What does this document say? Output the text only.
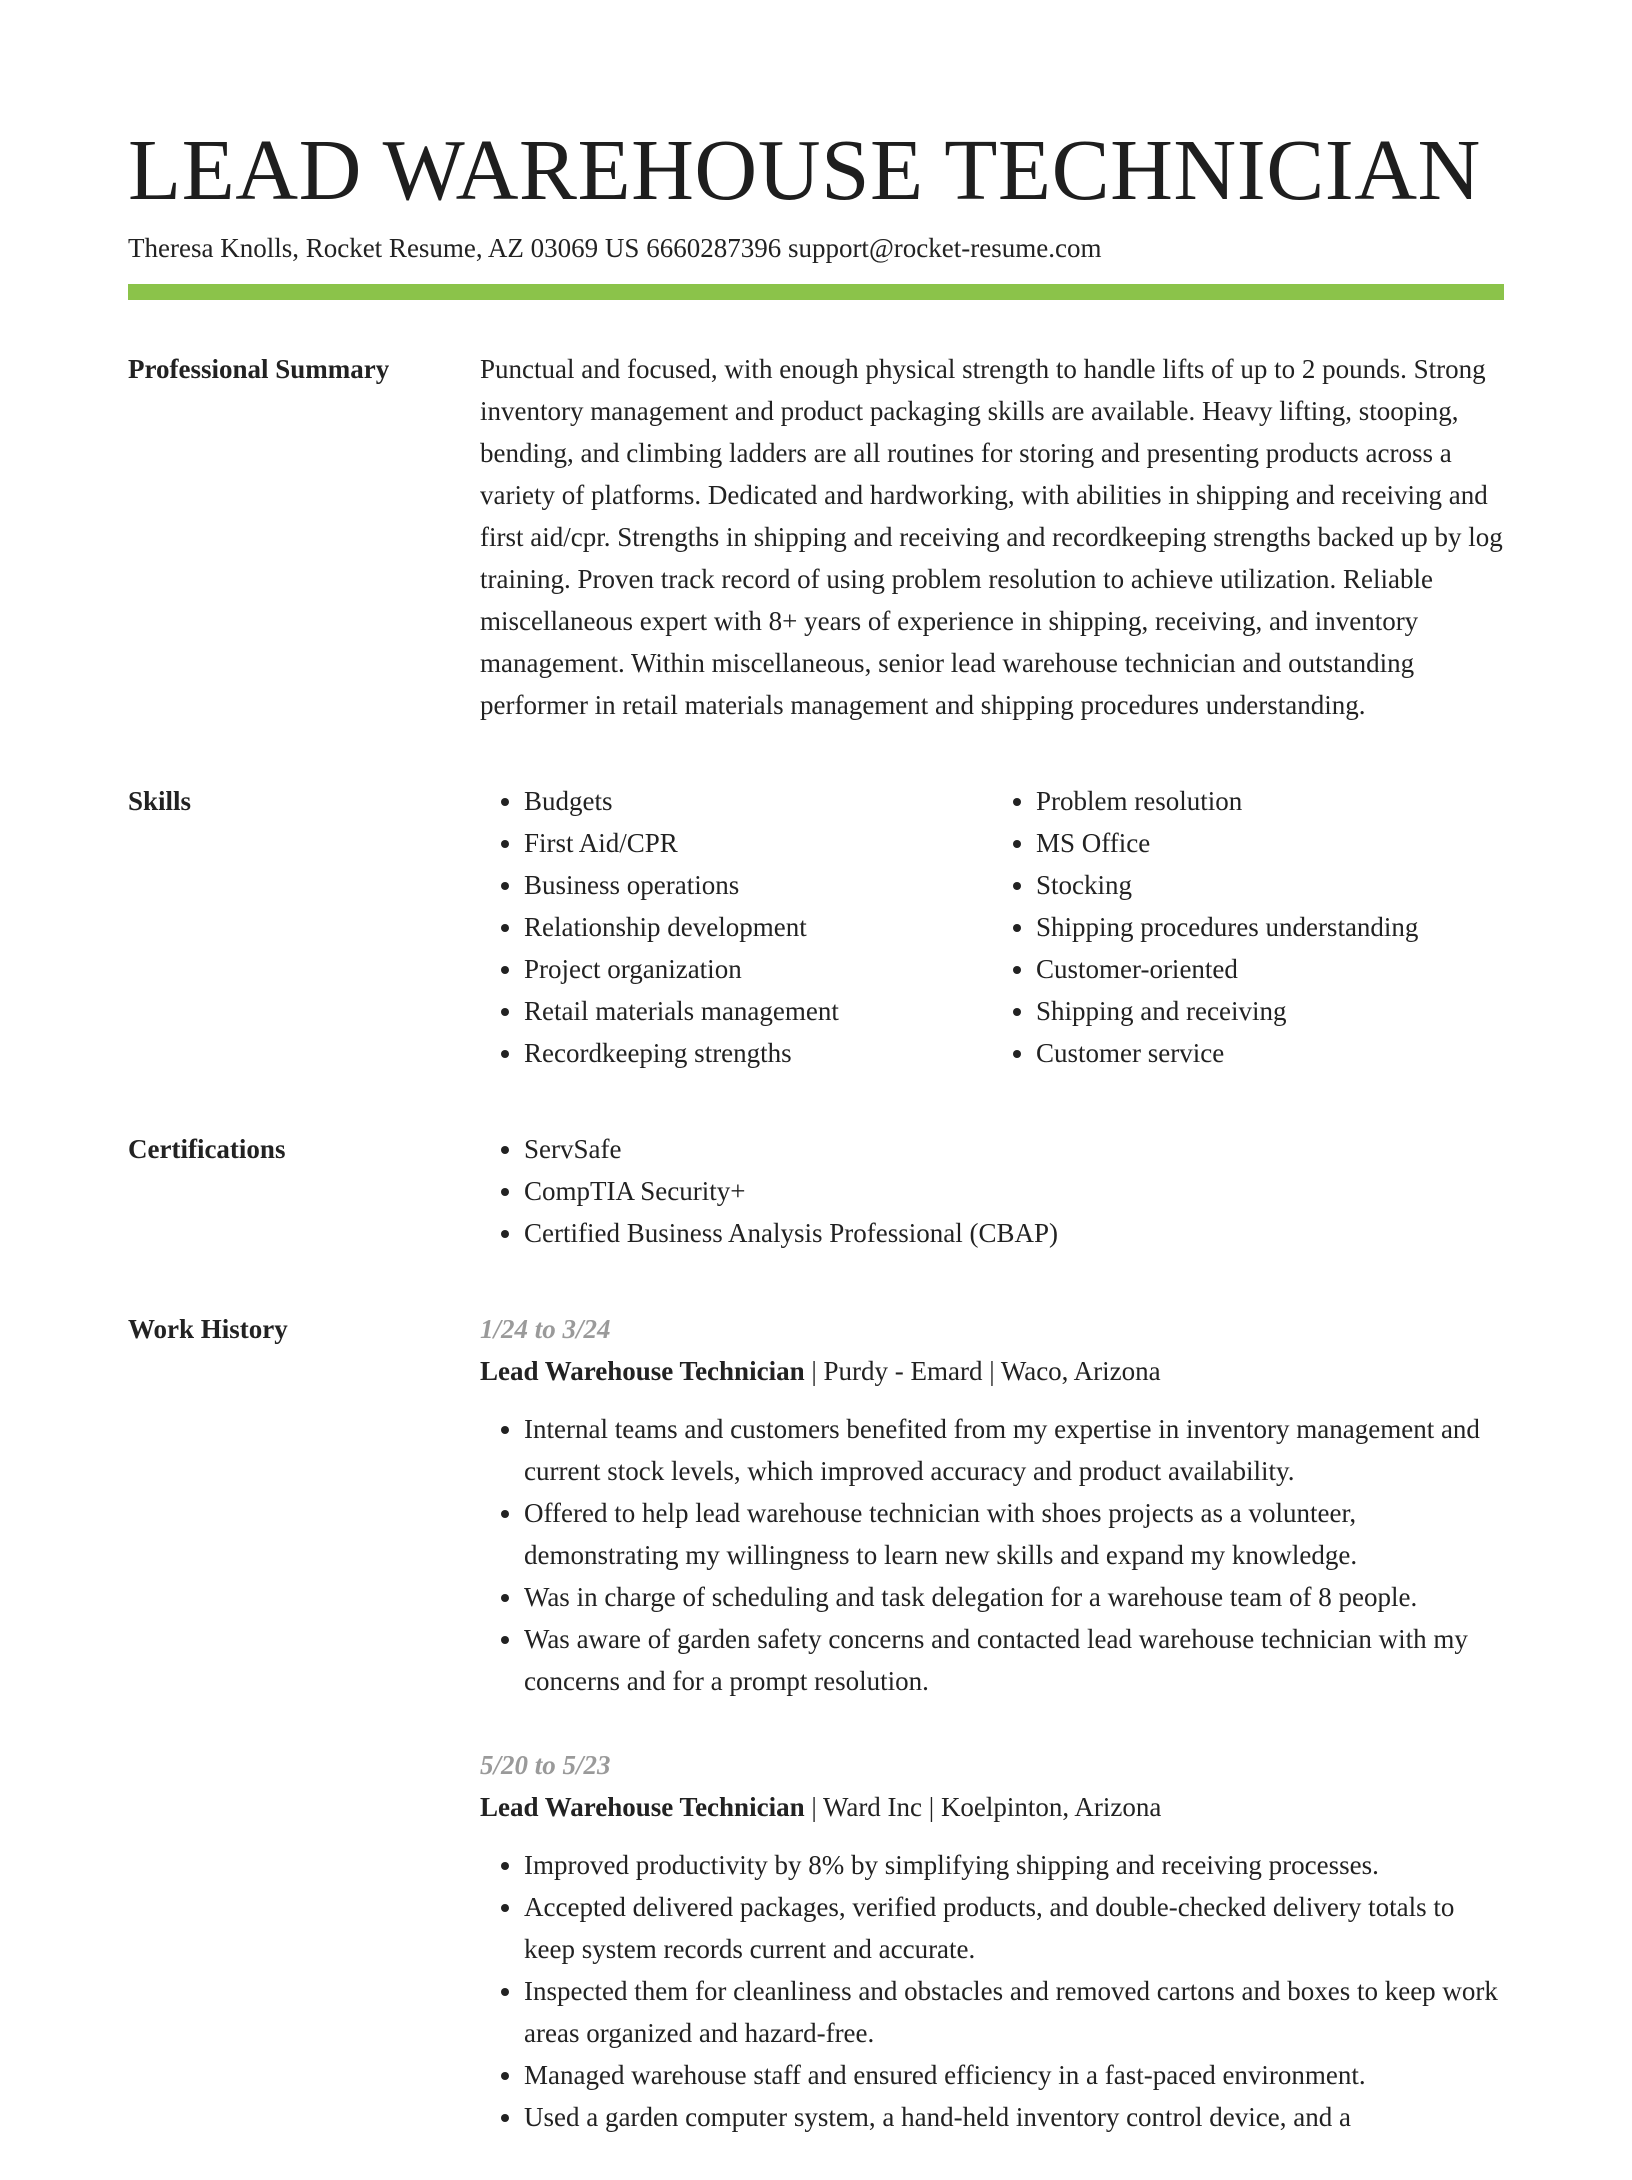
LEAD WAREHOUSE TECHNICIAN
Theresa Knolls, Rocket Resume, AZ 03069 US 6660287396 support@rocket-resume.com
Professional Summary	Punctual and focused, with enough physical strength to handle lifts of up to 2 pounds. Strong inventory management and product packaging skills are available. Heavy lifting, stooping, bending, and climbing ladders are all routines for storing and presenting products across a variety of platforms. Dedicated and hardworking, with abilities in shipping and receiving and first aid/cpr. Strengths in shipping and receiving and recordkeeping strengths backed up by log training. Proven track record of using problem resolution to achieve utilization. Reliable miscellaneous expert with 8+ years of experience in shipping, receiving, and inventory management. Within miscellaneous, senior lead warehouse technician and outstanding performer in retail materials management and shipping procedures understanding.

Skills	• Budgets
• First Aid/CPR
• Business operations
• Relationship development
• Project organization
• Retail materials management
• Recordkeeping strengths
• Problem resolution
• MS Office
• Stocking
• Shipping procedures understanding
• Customer-oriented
• Shipping and receiving
• Customer service
Certifications	• ServSafe
• CompTIA Security+
• Certified Business Analysis Professional (CBAP)
Work History	1/24 to 3/24
Lead Warehouse Technician | Purdy - Emard | Waco, Arizona
• Internal teams and customers benefited from my expertise in inventory management and current stock levels, which improved accuracy and product availability.
• Offered to help lead warehouse technician with shoes projects as a volunteer, demonstrating my willingness to learn new skills and expand my knowledge.
• Was in charge of scheduling and task delegation for a warehouse team of 8 people.
• Was aware of garden safety concerns and contacted lead warehouse technician with my concerns and for a prompt resolution.
5/20 to 5/23
Lead Warehouse Technician | Ward Inc | Koelpinton, Arizona
• Improved productivity by 8% by simplifying shipping and receiving processes.
• Accepted delivered packages, verified products, and double-checked delivery totals to keep system records current and accurate.
• Inspected them for cleanliness and obstacles and removed cartons and boxes to keep work areas organized and hazard-free.
• Managed warehouse staff and ensured efficiency in a fast-paced environment.
• Used a garden computer system, a hand-held inventory control device, and a
